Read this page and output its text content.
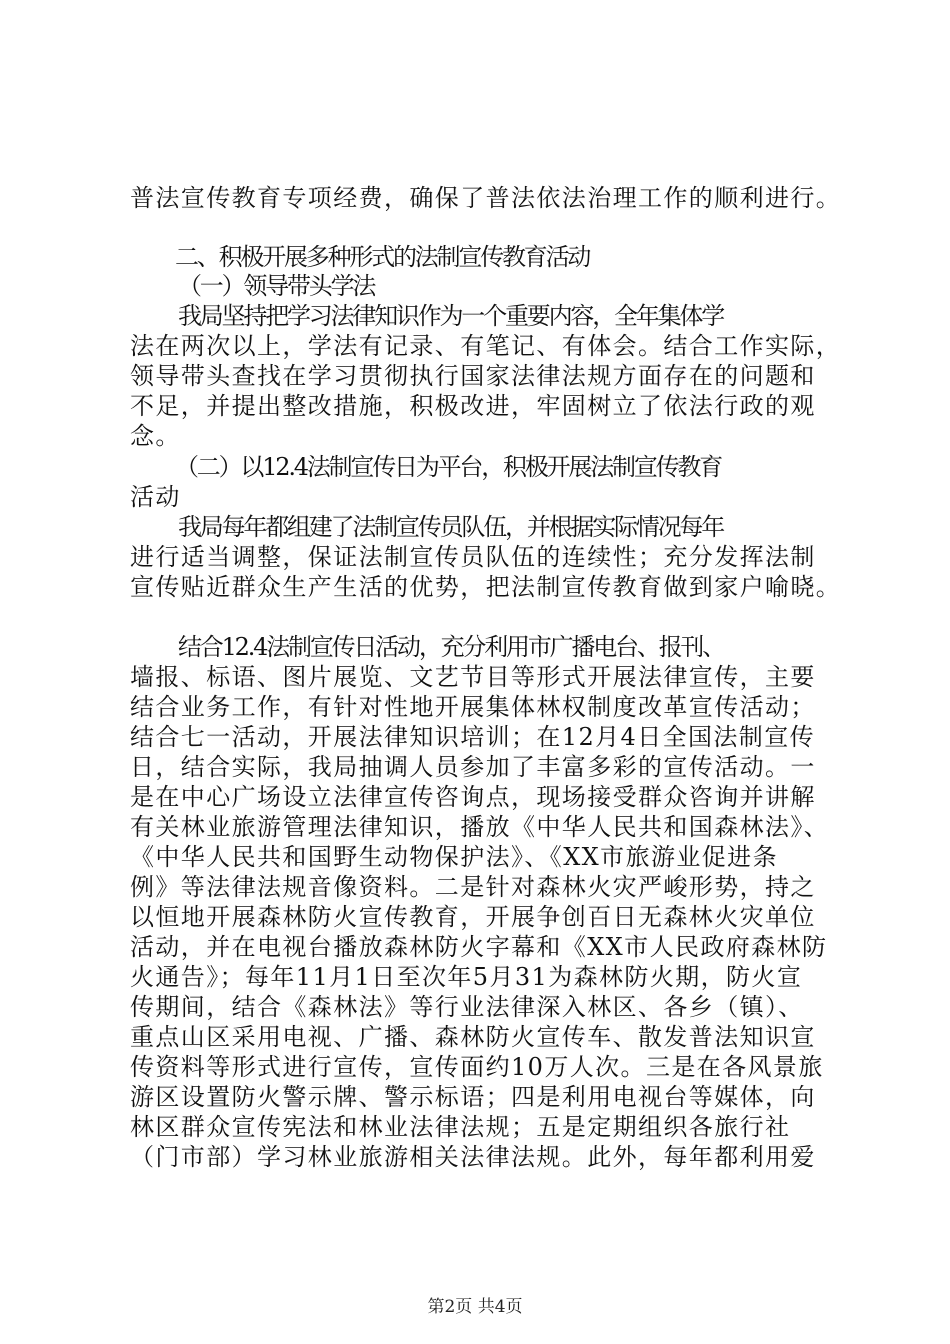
普法宣传教育专项经费，确保了普法依法治理工作的顺利进行。
二、积极开展多种形式的法制宣传教育活动
（一）领导带头学法
我局坚持把学习法律知识作为一个重要内容，全年集体学
法在两次以上，学法有记录、有笔记、有体会。结合工作实际，
领导带头查找在学习贯彻执行国家法律法规方面存在的问题和
不足，并提出整改措施，积极改进，牢固树立了依法行政的观
念。
（二）以12.4法制宣传日为平台，积极开展法制宣传教育
活动
我局每年都组建了法制宣传员队伍，并根据实际情况每年
进行适当调整，保证法制宣传员队伍的连续性；充分发挥法制
宣传贴近群众生产生活的优势，把法制宣传教育做到家户喻晓。
结合12.4法制宣传日活动，充分利用市广播电台、报刊、
墙报、标语、图片展览、文艺节目等形式开展法律宣传，主要
结合业务工作，有针对性地开展集体林权制度改革宣传活动；
结合七一活动，开展法律知识培训；在12月4日全国法制宣传
日，结合实际，我局抽调人员参加了丰富多彩的宣传活动。一
是在中心广场设立法律宣传咨询点，现场接受群众咨询并讲解
有关林业旅游管理法律知识，播放《中华人民共和国森林法》、
《中华人民共和国野生动物保护法》、《XX市旅游业促进条
例》等法律法规音像资料。二是针对森林火灾严峻形势，持之
以恒地开展森林防火宣传教育，开展争创百日无森林火灾单位
活动，并在电视台播放森林防火字幕和《XX市人民政府森林防
火通告》；每年11月1日至次年5月31为森林防火期，防火宣
传期间，结合《森林法》等行业法律深入林区、各乡（镇）、
重点山区采用电视、广播、森林防火宣传车、散发普法知识宣
传资料等形式进行宣传，宣传面约10万人次。三是在各风景旅
游区设置防火警示牌、警示标语；四是利用电视台等媒体，向
林区群众宣传宪法和林业法律法规；五是定期组织各旅行社
（门市部）学习林业旅游相关法律法规。此外，每年都利用爱
第2页 共4页
